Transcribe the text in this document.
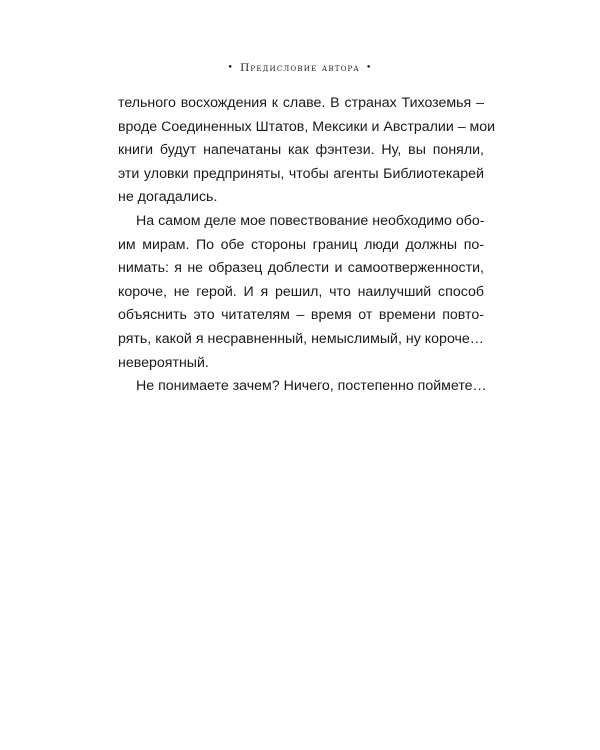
• Предисловие автора •
тельного восхождения к славе. В странах Тихоземья –
вроде Соединенных Штатов, Мексики и Австралии – мои
книги будут напечатаны как фэнтези. Ну, вы поняли,
эти уловки предприняты, чтобы агенты Библиотекарей
не догадались.
На самом деле мое повествование необходимо обо-
им мирам. По обе стороны границ люди должны по-
нимать: я не образец доблести и самоотверженности,
короче, не герой. И я решил, что наилучший способ
объяснить это читателям – время от времени повто-
рять, какой я несравненный, немыслимый, ну короче…
невероятный.
Не понимаете зачем? Ничего, постепенно поймете…
